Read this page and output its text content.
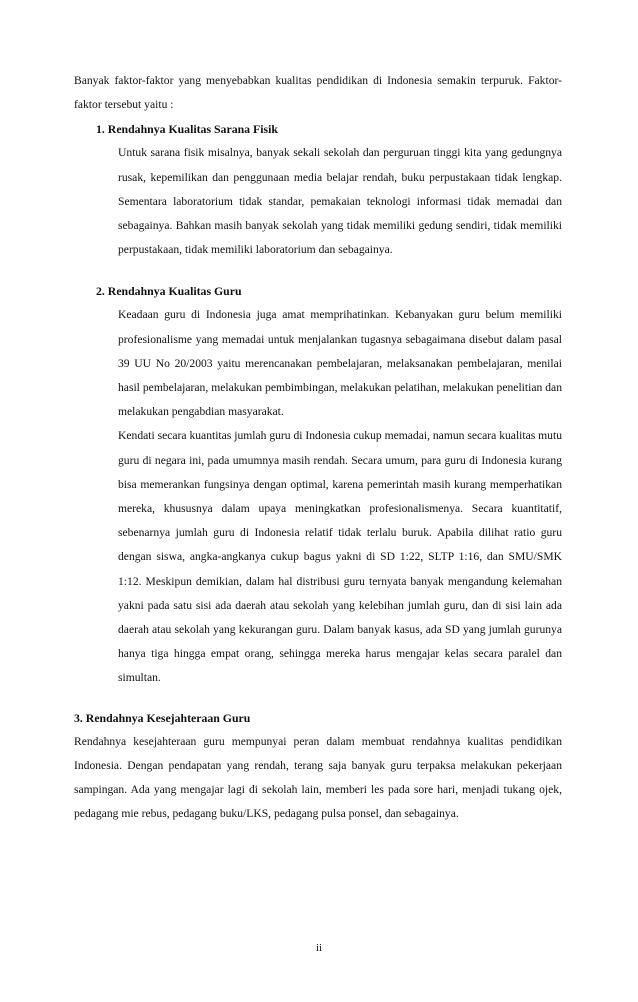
Banyak faktor-faktor yang menyebabkan kualitas pendidikan di Indonesia semakin terpuruk. Faktor-faktor tersebut yaitu :

1. Rendahnya Kualitas Sarana Fisik

Untuk sarana fisik misalnya, banyak sekali sekolah dan perguruan tinggi kita yang gedungnya rusak, kepemilikan dan penggunaan media belajar rendah, buku perpustakaan tidak lengkap. Sementara laboratorium tidak standar, pemakaian teknologi informasi tidak memadai dan sebagainya. Bahkan masih banyak sekolah yang tidak memiliki gedung sendiri, tidak memiliki perpustakaan, tidak memiliki laboratorium dan sebagainya.

2. Rendahnya Kualitas Guru

Keadaan guru di Indonesia juga amat memprihatinkan. Kebanyakan guru belum memiliki profesionalisme yang memadai untuk menjalankan tugasnya sebagaimana disebut dalam pasal 39 UU No 20/2003 yaitu merencanakan pembelajaran, melaksanakan pembelajaran, menilai hasil pembelajaran, melakukan pembimbingan, melakukan pelatihan, melakukan penelitian dan melakukan pengabdian masyarakat.

Kendati secara kuantitas jumlah guru di Indonesia cukup memadai, namun secara kualitas mutu guru di negara ini, pada umumnya masih rendah. Secara umum, para guru di Indonesia kurang bisa memerankan fungsinya dengan optimal, karena pemerintah masih kurang memperhatikan mereka, khususnya dalam upaya meningkatkan profesionalismenya. Secara kuantitatif, sebenarnya jumlah guru di Indonesia relatif tidak terlalu buruk. Apabila dilihat ratio guru dengan siswa, angka-angkanya cukup bagus yakni di SD 1:22, SLTP 1:16, dan SMU/SMK 1:12. Meskipun demikian, dalam hal distribusi guru ternyata banyak mengandung kelemahan yakni pada satu sisi ada daerah atau sekolah yang kelebihan jumlah guru, dan di sisi lain ada daerah atau sekolah yang kekurangan guru. Dalam banyak kasus, ada SD yang jumlah gurunya hanya tiga hingga empat orang, sehingga mereka harus mengajar kelas secara paralel dan simultan.

3. Rendahnya Kesejahteraan Guru

Rendahnya kesejahteraan guru mempunyai peran dalam membuat rendahnya kualitas pendidikan Indonesia. Dengan pendapatan yang rendah, terang saja banyak guru terpaksa melakukan pekerjaan sampingan. Ada yang mengajar lagi di sekolah lain, memberi les pada sore hari, menjadi tukang ojek, pedagang mie rebus, pedagang buku/LKS, pedagang pulsa ponsel, dan sebagainya.

ii
